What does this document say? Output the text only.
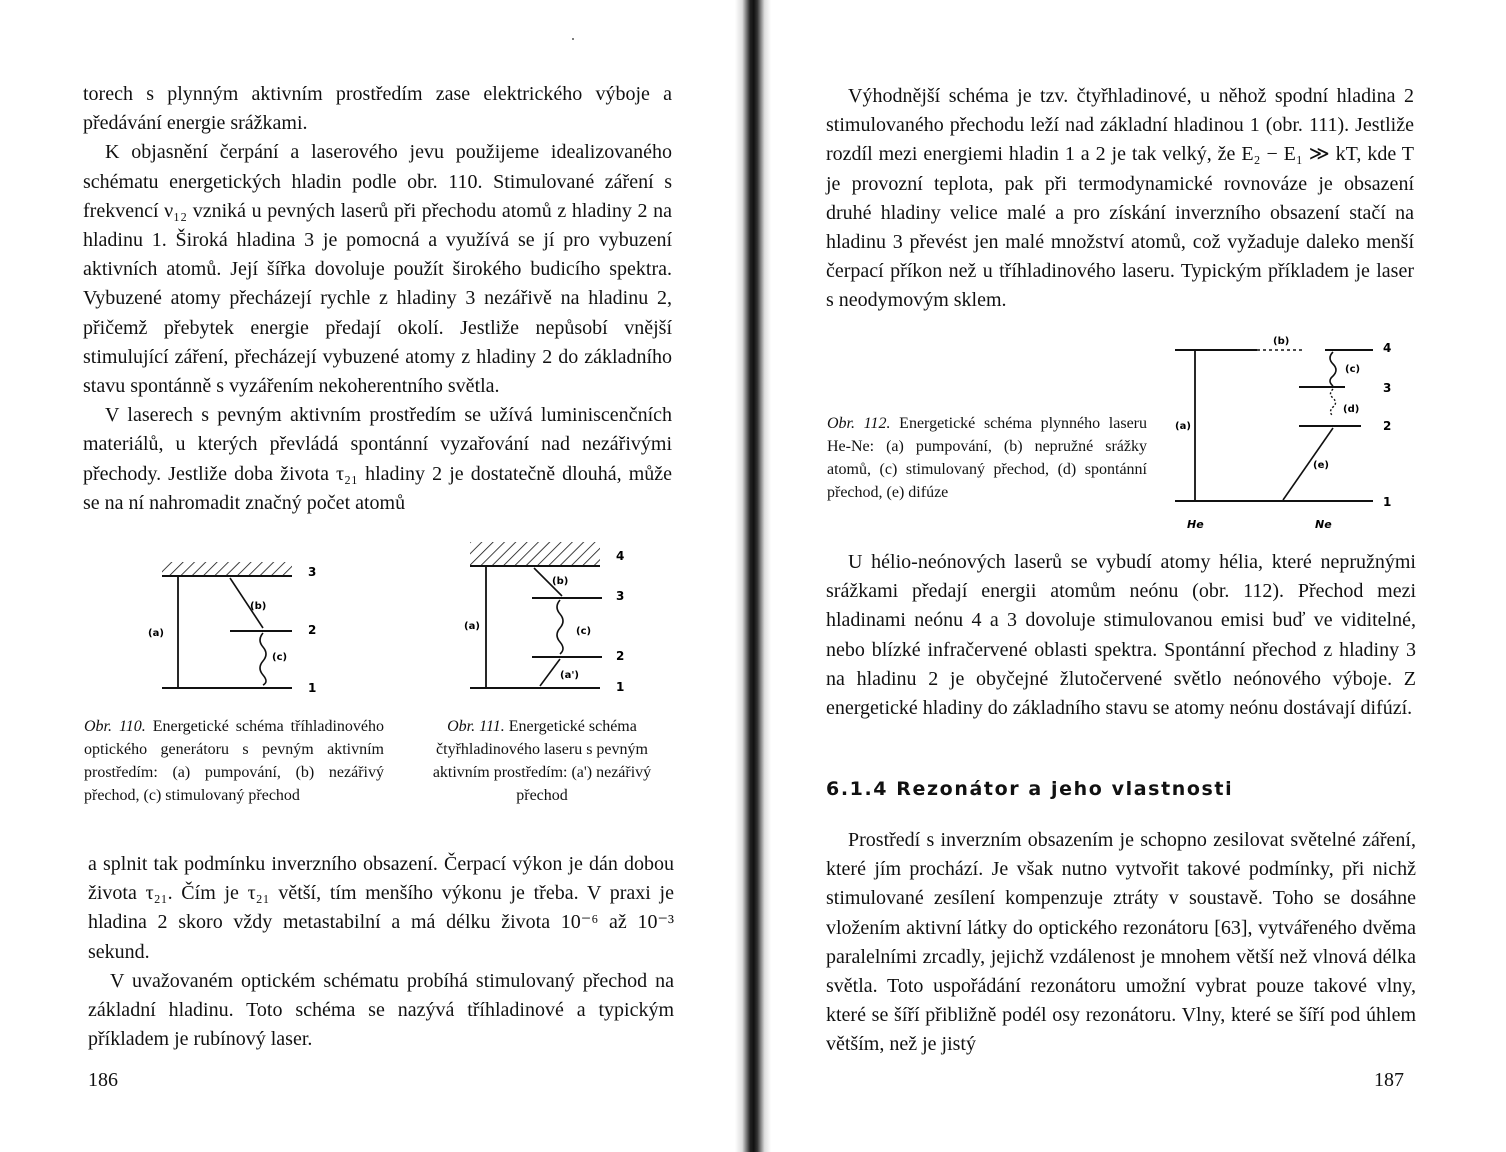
torech s plynným aktivním prostředím zase elektrického výboje a předávání energie srážkami.

K objasnění čerpání a laserového jevu použijeme idealizovaného schématu energetických hladin podle obr. 110. Stimulované záření s frekvencí ν₁₂ vzniká u pevných laserů při přechodu atomů z hladiny 2 na hladinu 1. Široká hladina 3 je pomocná a využívá se jí pro vybuzení aktivních atomů. Její šířka dovoluje použít širokého budicího spektra. Vybuzené atomy přecházejí rychle z hladiny 3 nezářivě na hladinu 2, přičemž přebytek energie předají okolí. Jestliže nepůsobí vnější stimulující záření, přecházejí vybuzené atomy z hladiny 2 do základního stavu spontánně s vyzářením nekoherentního světla.

V laserech s pevným aktivním prostředím se užívá luminiscenčních materiálů, u kterých převládá spontánní vyzařování nad nezářivými přechody. Jestliže doba života τ₂₁ hladiny 2 je dostatečně dlouhá, může se na ní nahromadit značný počet atomů

(a)
(b)
(c)
3
2
1
(a)
(b)
(c)
(a')
4
3
2
1
Obr. 110. Energetické schéma tříhladinového optického generátoru s pevným aktivním prostředím: (a) pumpování, (b) nezářivý přechod, (c) stimulovaný přechod
Obr. 111. Energetické schéma čtyřhladinového laseru s pevným aktivním prostředím: (a') nezářivý přechod

a splnit tak podmínku inverzního obsazení. Čerpací výkon je dán dobou života τ₂₁. Čím je τ₂₁ větší, tím menšího výkonu je třeba. V praxi je hladina 2 skoro vždy metastabilní a má délku života 10⁻⁶ až 10⁻³ sekund.

V uvažovaném optickém schématu probíhá stimulovaný přechod na základní hladinu. Toto schéma se nazývá tříhladinové a typickým příkladem je rubínový laser.

186

Výhodnější schéma je tzv. čtyřhladinové, u něhož spodní hladina 2 stimulovaného přechodu leží nad základní hladinou 1 (obr. 111). Jestliže rozdíl mezi energiemi hladin 1 a 2 je tak velký, že E₂ − E₁ ≫ kT, kde T je provozní teplota, pak při termodynamické rovnováze je obsazení druhé hladiny velice malé a pro získání inverzního obsazení stačí na hladinu 3 převést jen malé množství atomů, což vyžaduje daleko menší čerpací příkon než u tříhladinového laseru. Typickým příkladem je laser s neodymovým sklem.

(a)
(b)
(c)
(d)
(e)
4
3
2
1
He	Ne
Obr. 112. Energetické schéma plynného laseru He-Ne: (a) pumpování, (b) nepružné srážky atomů, (c) stimulovaný přechod, (d) spontánní přechod, (e) difúze

U hélio-neónových laserů se vybudí atomy hélia, které nepružnými srážkami předají energii atomům neónu (obr. 112). Přechod mezi hladinami neónu 4 a 3 dovoluje stimulovanou emisi buď ve viditelné, nebo blízké infračervené oblasti spektra. Spontánní přechod z hladiny 3 na hladinu 2 je obyčejné žlutočervené světlo neónového výboje. Z energetické hladiny do základního stavu se atomy neónu dostávají difúzí.

6.1.4 Rezonátor a jeho vlastnosti

Prostředí s inverzním obsazením je schopno zesilovat světelné záření, které jím prochází. Je však nutno vytvořit takové podmínky, při nichž stimulované zesílení kompenzuje ztráty v soustavě. Toho se dosáhne vložením aktivní látky do optického rezonátoru [63], vytvářeného dvěma paralelními zrcadly, jejichž vzdálenost je mnohem větší než vlnová délka světla. Toto uspořádání rezonátoru umožní vybrat pouze takové vlny, které se šíří přibližně podél osy rezonátoru. Vlny, které se šíří pod úhlem větším, než je jistý

187
